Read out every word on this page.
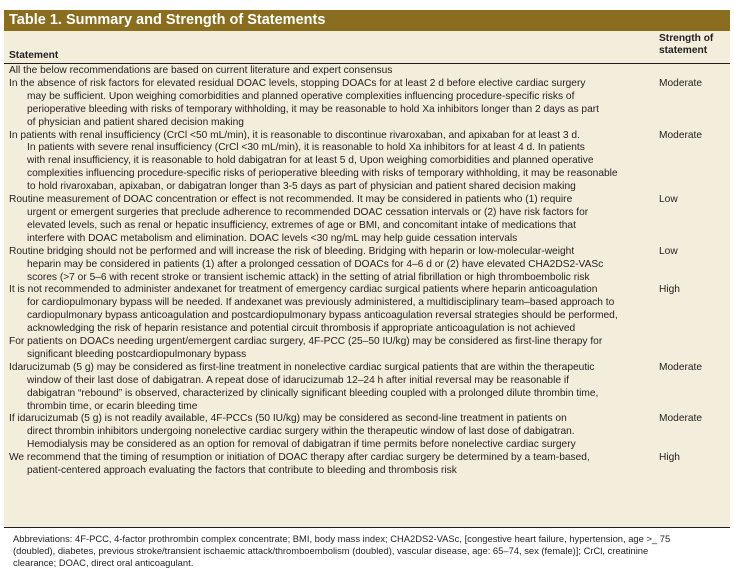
Table 1. Summary and Strength of Statements
Statement
Strength of
statement
All the below recommendations are based on current literature and expert consensus
In the absence of risk factors for elevated residual DOAC levels, stopping DOACs for at least 2 d before elective cardiac surgery
may be sufficient. Upon weighing comorbidities and planned operative complexities influencing procedure-specific risks of
perioperative bleeding with risks of temporary withholding, it may be reasonable to hold Xa inhibitors longer than 2 days as part
of physician and patient shared decision making
Moderate
In patients with renal insufficiency (CrCl <50 mL/min), it is reasonable to discontinue rivaroxaban, and apixaban for at least 3 d.
In patients with severe renal insufficiency (CrCl <30 mL/min), it is reasonable to hold Xa inhibitors for at least 4 d. In patients
with renal insufficiency, it is reasonable to hold dabigatran for at least 5 d, Upon weighing comorbidities and planned operative
complexities influencing procedure-specific risks of perioperative bleeding with risks of temporary withholding, it may be reasonable
to hold rivaroxaban, apixaban, or dabigatran longer than 3-5 days as part of physician and patient shared decision making
Moderate
Routine measurement of DOAC concentration or effect is not recommended. It may be considered in patients who (1) require
urgent or emergent surgeries that preclude adherence to recommended DOAC cessation intervals or (2) have risk factors for
elevated levels, such as renal or hepatic insufficiency, extremes of age or BMI, and concomitant intake of medications that
interfere with DOAC metabolism and elimination. DOAC levels <30 ng/mL may help guide cessation intervals
Low
Routine bridging should not be performed and will increase the risk of bleeding. Bridging with heparin or low-molecular-weight
heparin may be considered in patients (1) after a prolonged cessation of DOACs for 4–6 d or (2) have elevated CHA2DS2-VASc
scores (>7 or 5–6 with recent stroke or transient ischemic attack) in the setting of atrial fibrillation or high thromboembolic risk
Low
It is not recommended to administer andexanet for treatment of emergency cardiac surgical patients where heparin anticoagulation
for cardiopulmonary bypass will be needed. If andexanet was previously administered, a multidisciplinary team–based approach to
cardiopulmonary bypass anticoagulation and postcardiopulmonary bypass anticoagulation reversal strategies should be performed,
acknowledging the risk of heparin resistance and potential circuit thrombosis if appropriate anticoagulation is not achieved
High
For patients on DOACs needing urgent/emergent cardiac surgery, 4F-PCC (25–50 IU/kg) may be considered as first-line therapy for
significant bleeding postcardiopulmonary bypass
Idarucizumab (5 g) may be considered as first-line treatment in nonelective cardiac surgical patients that are within the therapeutic
window of their last dose of dabigatran. A repeat dose of idarucizumab 12–24 h after initial reversal may be reasonable if
dabigatran “rebound” is observed, characterized by clinically significant bleeding coupled with a prolonged dilute thrombin time,
thrombin time, or ecarin bleeding time
Moderate
If idarucizumab (5 g) is not readily available, 4F-PCCs (50 IU/kg) may be considered as second-line treatment in patients on
direct thrombin inhibitors undergoing nonelective cardiac surgery within the therapeutic window of last dose of dabigatran.
Hemodialysis may be considered as an option for removal of dabigatran if time permits before nonelective cardiac surgery
Moderate
We recommend that the timing of resumption or initiation of DOAC therapy after cardiac surgery be determined by a team-based,
patient-centered approach evaluating the factors that contribute to bleeding and thrombosis risk
High
Abbreviations: 4F-PCC, 4-factor prothrombin complex concentrate; BMI, body mass index; CHA2DS2-VASc, [congestive heart failure, hypertension, age >_ 75
(doubled), diabetes, previous stroke/transient ischaemic attack/thromboembolism (doubled), vascular disease, age: 65–74, sex (female)]; CrCl, creatinine
clearance; DOAC, direct oral anticoagulant.
